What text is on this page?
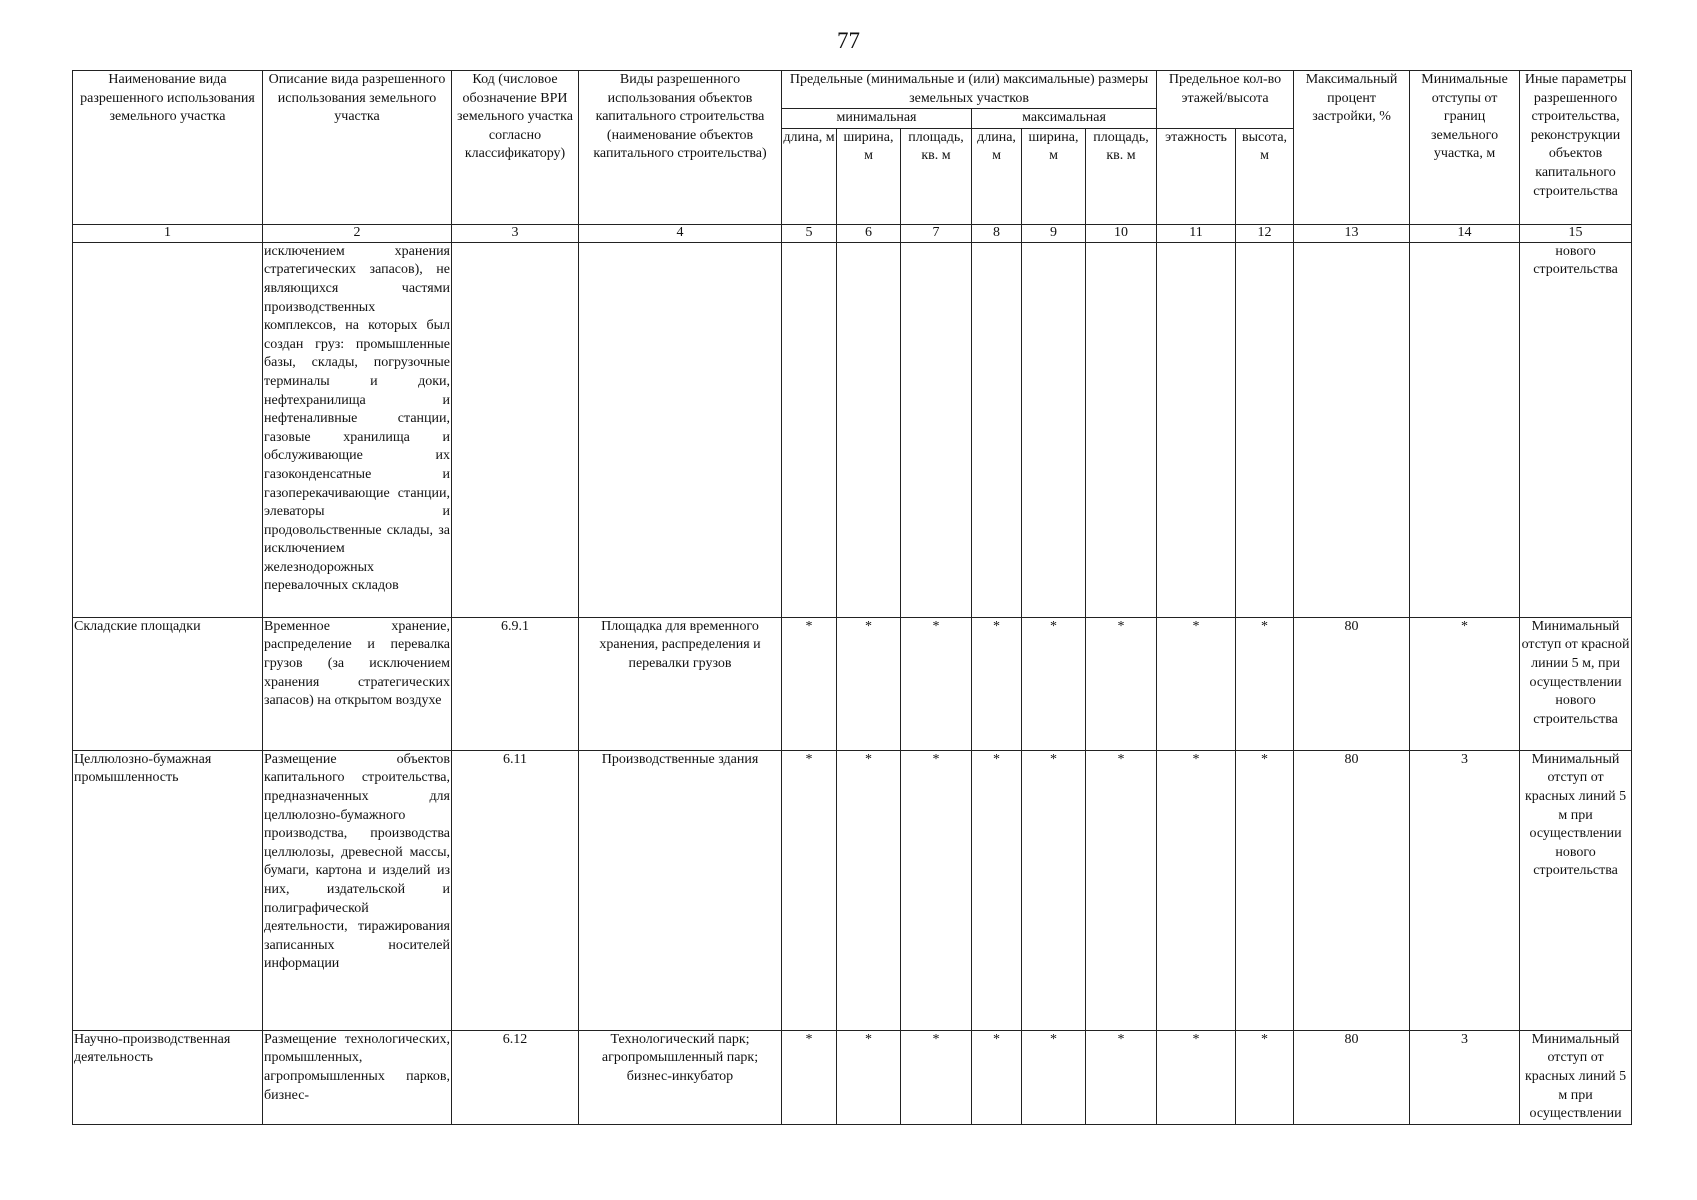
77
Наименование вида разрешенного использования земельного участка	Описание вида разрешенного использования земельного участка	Код (числовое обозначение ВРИ земельного участка согласно классификатору)	Виды разрешенного использования объектов капитального строительства (наименование объектов капитального строительства)	Предельные (минимальные и (или) максимальные) размеры земельных участков						Предельное кол-во этажей/высота		Максимальный процент застройки, %	Минимальные отступы от границ земельного участка, м	Иные параметры разрешенного строительства, реконструкции объектов капитального строительства
				минимальная			максимальная							
				длина, м	ширина, м	площадь, кв. м	длина, м	ширина, м	площадь, кв. м	этажность	высота, м			
1	2	3	4	5	6	7	8	9	10	11	12	13	14	15
	исключением хранения стратегических запасов), не являющихся частями производственных комплексов, на которых был создан груз: промышленные базы, склады, погрузочные терминалы и доки, нефтехранилища и нефтеналивные станции, газовые хранилища и обслуживающие их газоконденсатные и газоперекачивающие станции, элеваторы и продовольственные склады, за исключением железнодорожных перевалочных складов													нового строительства
Складские площадки	Временное хранение, распределение и перевалка грузов (за исключением хранения стратегических запасов) на открытом воздухе	6.9.1	Площадка для временного хранения, распределения и перевалки грузов	*	*	*	*	*	*	*	*	80	*	Минимальный отступ от красной линии 5 м, при осуществлении нового строительства
Целлюлозно-бумажная промышленность	Размещение объектов капитального строительства, предназначенных для целлюлозно-бумажного производства, производства целлюлозы, древесной массы, бумаги, картона и изделий из них, издательской и полиграфической деятельности, тиражирования записанных носителей информации	6.11	Производственные здания	*	*	*	*	*	*	*	*	80	3	Минимальный отступ от красных линий 5 м при осуществлении нового строительства
Научно-производственная деятельность	Размещение технологических, промышленных, агропромышленных парков, бизнес-	6.12	Технологический парк; агропромышленный парк; бизнес-инкубатор	*	*	*	*	*	*	*	*	80	3	Минимальный отступ от красных линий 5 м при осуществлении
